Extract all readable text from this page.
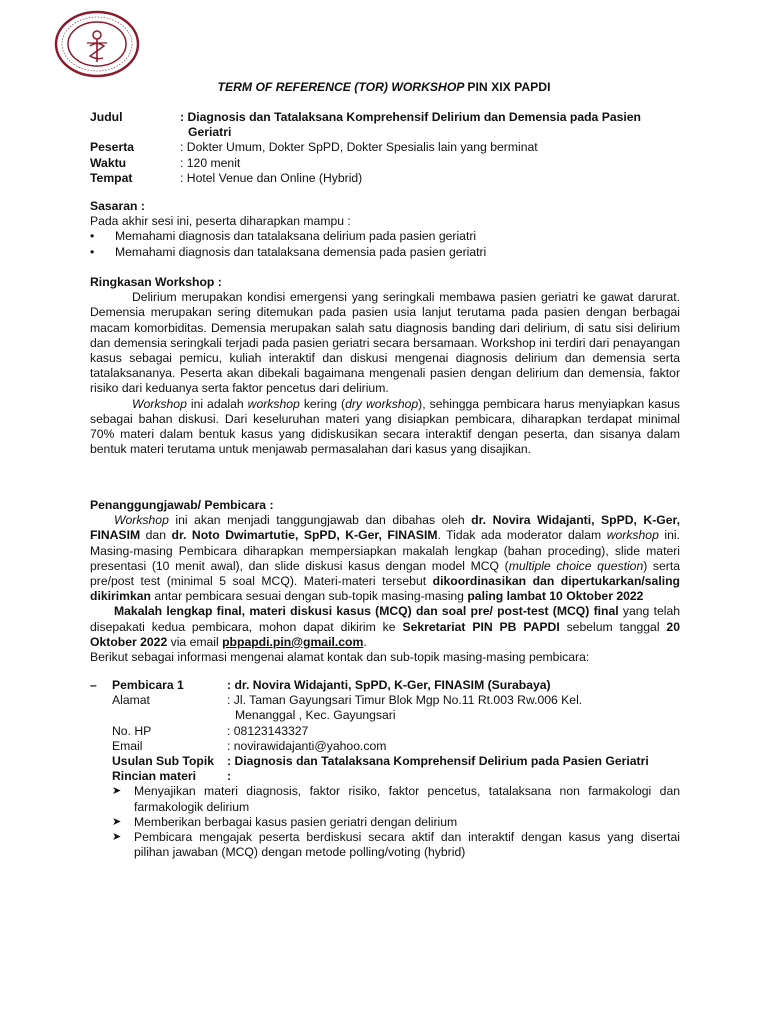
TERM OF REFERENCE (TOR) WORKSHOP PIN XIX PAPDI
Judul	: Diagnosis dan Tatalaksana Komprehensif Delirium dan Demensia pada Pasien
Geriatri
Peserta	: Dokter Umum, Dokter SpPD, Dokter Spesialis lain yang berminat
Waktu	: 120 menit
Tempat	: Hotel Venue dan Online (Hybrid)
Sasaran :
Pada akhir sesi ini, peserta diharapkan mampu :
•	Memahami diagnosis dan tatalaksana delirium pada pasien geriatri
•	Memahami diagnosis dan tatalaksana demensia pada pasien geriatri
Ringkasan Workshop :
Delirium merupakan kondisi emergensi yang seringkali membawa pasien geriatri ke gawat darurat. Demensia merupakan sering ditemukan pada pasien usia lanjut terutama pada pasien dengan berbagai macam komorbiditas. Demensia merupakan salah satu diagnosis banding dari delirium, di satu sisi delirium dan demensia seringkali terjadi pada pasien geriatri secara bersamaan. Workshop ini terdiri dari penayangan kasus sebagai pemicu, kuliah interaktif dan diskusi mengenai diagnosis delirium dan demensia serta tatalaksananya. Peserta akan dibekali bagaimana mengenali pasien dengan delirium dan demensia, faktor risiko dari keduanya serta faktor pencetus dari delirium.
Workshop ini adalah workshop kering (dry workshop), sehingga pembicara harus menyiapkan kasus sebagai bahan diskusi. Dari keseluruhan materi yang disiapkan pembicara, diharapkan terdapat minimal 70% materi dalam bentuk kasus yang didiskusikan secara interaktif dengan peserta, dan sisanya dalam bentuk materi terutama untuk menjawab permasalahan dari kasus yang disajikan.
Penanggungjawab/ Pembicara :
Workshop ini akan menjadi tanggungjawab dan dibahas oleh dr. Novira Widajanti, SpPD, K-Ger, FINASIM dan dr. Noto Dwimartutie, SpPD, K-Ger, FINASIM. Tidak ada moderator dalam workshop ini. Masing-masing Pembicara diharapkan mempersiapkan makalah lengkap (bahan proceding), slide materi presentasi (10 menit awal), dan slide diskusi kasus dengan model MCQ (multiple choice question) serta pre/post test (minimal 5 soal MCQ). Materi-materi tersebut dikoordinasikan dan dipertukarkan/saling dikirimkan antar pembicara sesuai dengan sub-topik masing-masing paling lambat 10 Oktober 2022
Makalah lengkap final, materi diskusi kasus (MCQ) dan soal pre/ post-test (MCQ) final yang telah disepakati kedua pembicara, mohon dapat dikirim ke Sekretariat PIN PB PAPDI sebelum tanggal 20 Oktober 2022 via email pbpapdi.pin@gmail.com.
Berikut sebagai informasi mengenai alamat kontak dan sub-topik masing-masing pembicara:
–	Pembicara 1	: dr. Novira Widajanti, SpPD, K-Ger, FINASIM (Surabaya)
Alamat	: Jl. Taman Gayungsari Timur Blok Mgp No.11 Rt.003 Rw.006 Kel.
Menanggal , Kec. Gayungsari
No. HP	: 08123143327
Email	: novirawidajanti@yahoo.com
Usulan Sub Topik	: Diagnosis dan Tatalaksana Komprehensif Delirium pada Pasien Geriatri
Rincian materi	:
➤	Menyajikan materi diagnosis, faktor risiko, faktor pencetus, tatalaksana non farmakologi dan farmakologik delirium
➤	Memberikan berbagai kasus pasien geriatri dengan delirium
➤	Pembicara mengajak peserta berdiskusi secara aktif dan interaktif dengan kasus yang disertai pilihan jawaban (MCQ) dengan metode polling/voting (hybrid)
